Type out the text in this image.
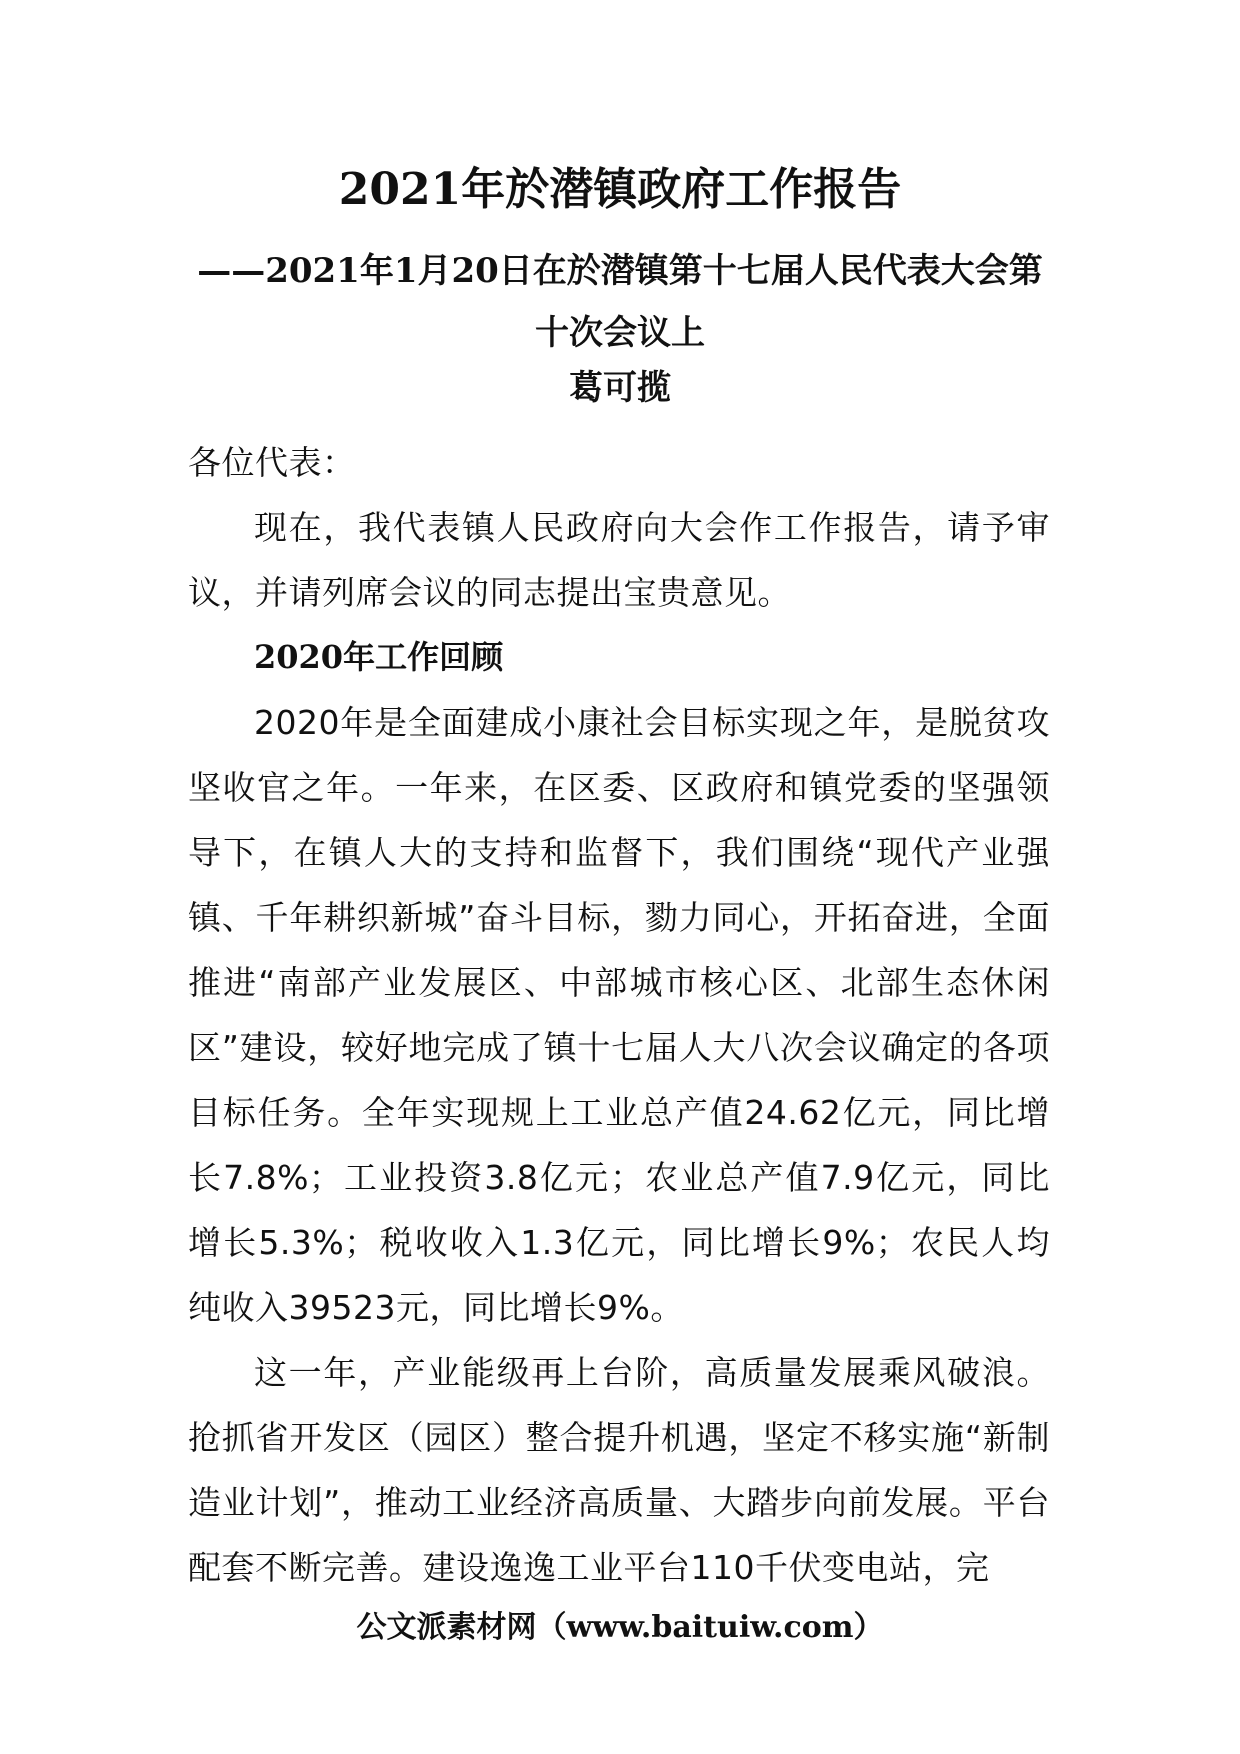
2021年於潜镇政府工作报告
——2021年1月20日在於潜镇第十七届人民代表大会第十次会议上
葛可揽

各位代表：

现在，我代表镇人民政府向大会作工作报告，请予审议，并请列席会议的同志提出宝贵意见。

2020年工作回顾

2020年是全面建成小康社会目标实现之年，是脱贫攻坚收官之年。一年来，在区委、区政府和镇党委的坚强领导下，在镇人大的支持和监督下，我们围绕“现代产业强镇、千年耕织新城”奋斗目标，勠力同心，开拓奋进，全面推进“南部产业发展区、中部城市核心区、北部生态休闲区”建设，较好地完成了镇十七届人大八次会议确定的各项目标任务。全年实现规上工业总产值24.62亿元，同比增长7.8%；工业投资3.8亿元；农业总产值7.9亿元，同比增长5.3%；税收收入1.3亿元，同比增长9%；农民人均纯收入39523元，同比增长9%。

这一年，产业能级再上台阶，高质量发展乘风破浪。抢抓省开发区（园区）整合提升机遇，坚定不移实施“新制造业计划”，推动工业经济高质量、大踏步向前发展。平台配套不断完善。建设逸逸工业平台110千伏变电站，完

公文派素材网（www.baituiw.com）
